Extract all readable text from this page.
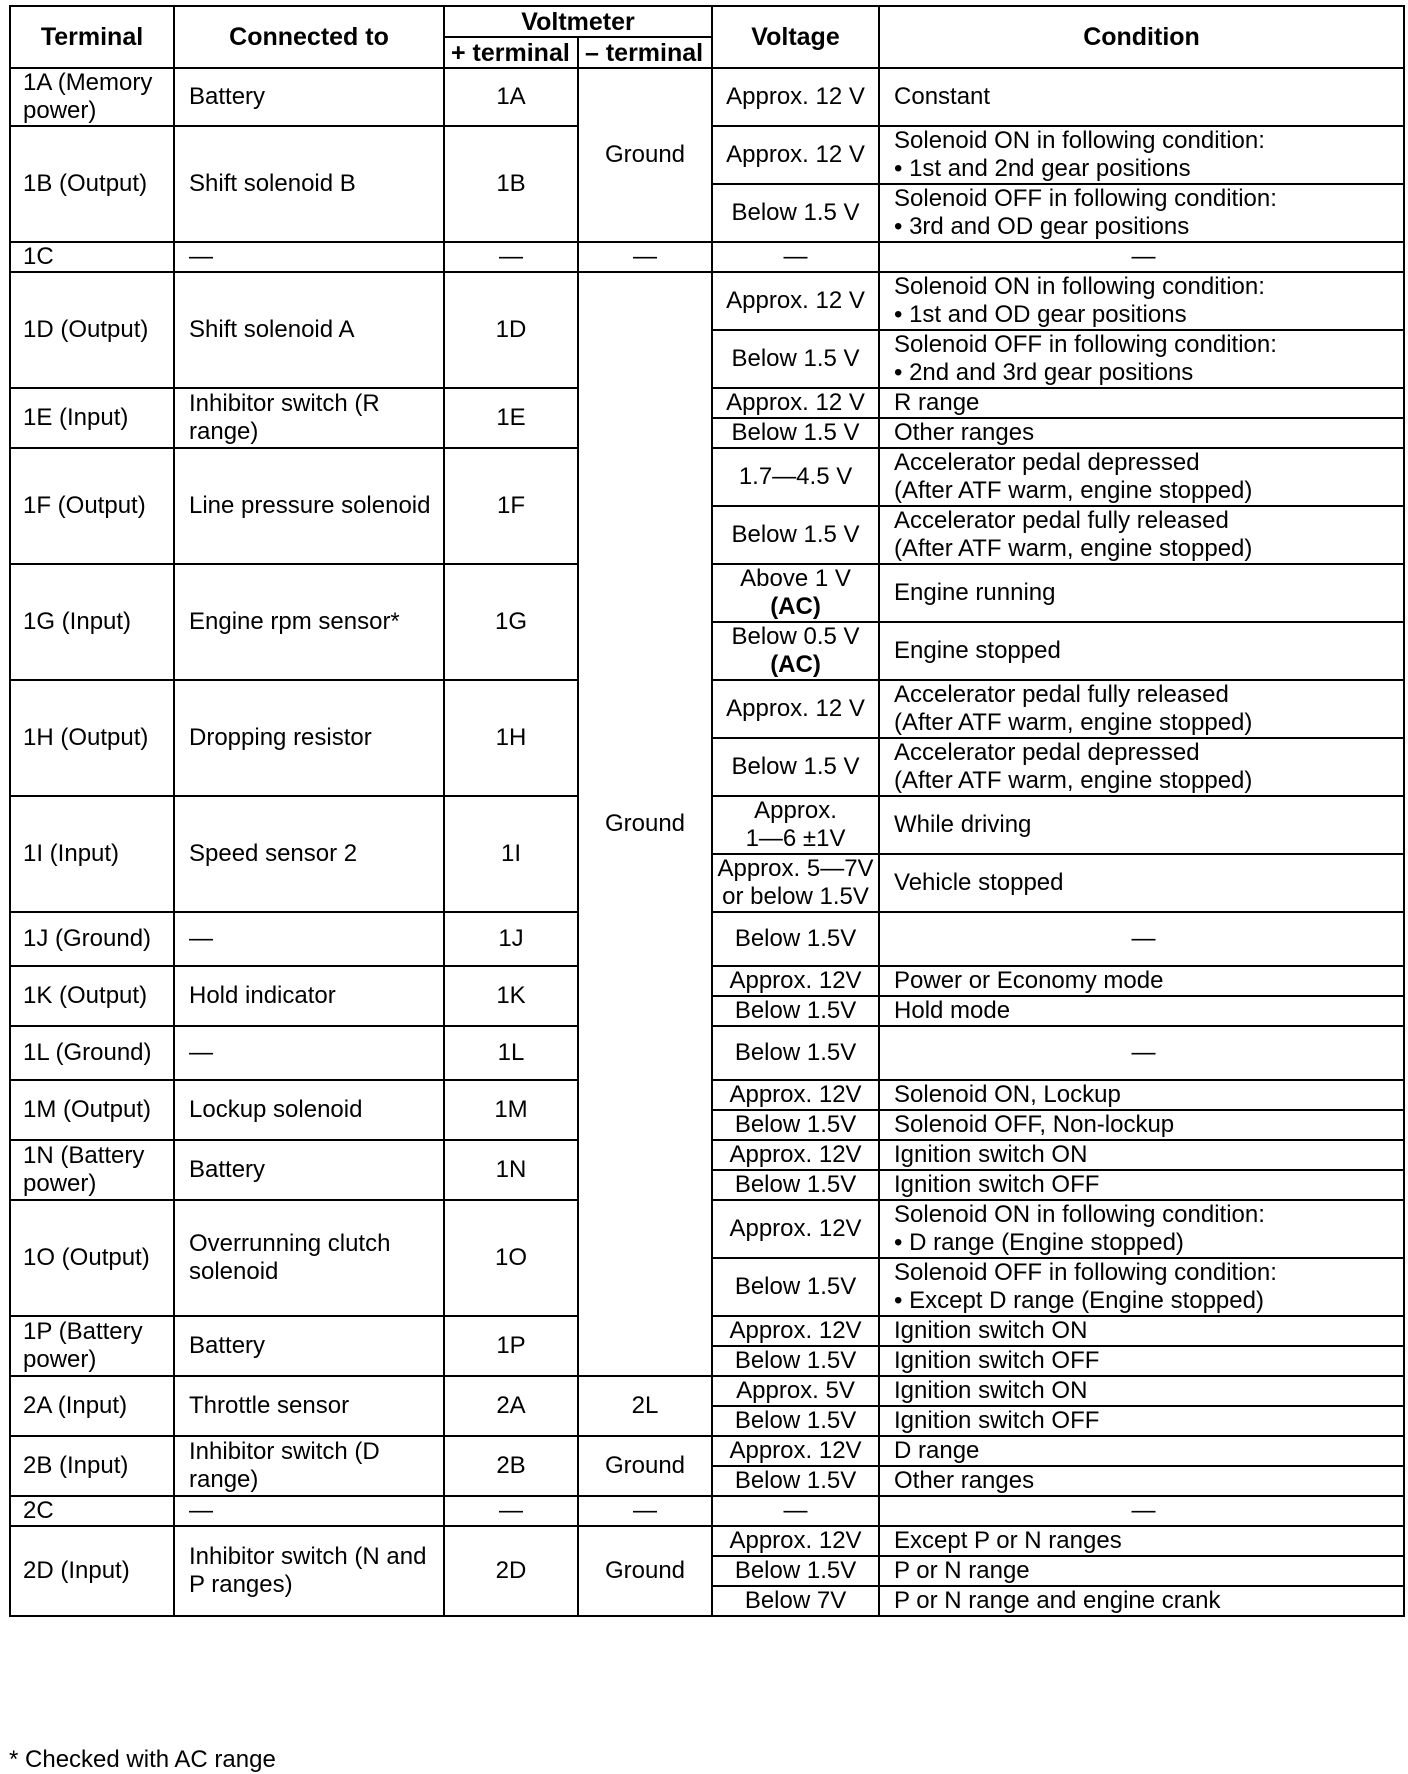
Terminal	Connected to	Voltmeter		Voltage	Condition
		+ terminal	– terminal		
1A (Memory power)	Battery	1A	Ground	Approx. 12 V	Constant

1B (Output)	Shift solenoid B	1B		Approx. 12 V	Solenoid ON in following condition:
• 1st and 2nd gear positions

				Below 1.5 V	Solenoid OFF in following condition:
• 3rd and OD gear positions

1C	—	—	—	—	—

1D (Output)	Shift solenoid A	1D	Ground	Approx. 12 V	Solenoid ON in following condition:
• 1st and OD gear positions

				Below 1.5 V	Solenoid OFF in following condition:
• 2nd and 3rd gear positions

1E (Input)	Inhibitor switch (R range)	1E		Approx. 12 V	R range

				Below 1.5 V	Other ranges

1F (Output)	Line pressure solenoid	1F		1.7—4.5 V	Accelerator pedal depressed
(After ATF warm, engine stopped)

				Below 1.5 V	Accelerator pedal fully released
(After ATF warm, engine stopped)

1G (Input)	Engine rpm sensor*	1G		Above 1 V
(AC)	Engine running

				Below 0.5 V
(AC)	Engine stopped

1H (Output)	Dropping resistor	1H		Approx. 12 V	Accelerator pedal fully released
(After ATF warm, engine stopped)

				Below 1.5 V	Accelerator pedal depressed
(After ATF warm, engine stopped)

1I (Input)	Speed sensor 2	1I		Approx.
1—6 ±1V	While driving

				Approx. 5—7V
or below 1.5V	Vehicle stopped

1J (Ground)	—	1J		Below 1.5V	—

1K (Output)	Hold indicator	1K		Approx. 12V	Power or Economy mode

				Below 1.5V	Hold mode

1L (Ground)	—	1L		Below 1.5V	—

1M (Output)	Lockup solenoid	1M		Approx. 12V	Solenoid ON, Lockup

				Below 1.5V	Solenoid OFF, Non-lockup

1N (Battery power)	Battery	1N		Approx. 12V	Ignition switch ON

				Below 1.5V	Ignition switch OFF

1O (Output)	Overrunning clutch solenoid	1O		Approx. 12V	Solenoid ON in following condition:
• D range (Engine stopped)

				Below 1.5V	Solenoid OFF in following condition:
• Except D range (Engine stopped)

1P (Battery power)	Battery	1P		Approx. 12V	Ignition switch ON

				Below 1.5V	Ignition switch OFF

2A (Input)	Throttle sensor	2A	2L	Approx. 5V	Ignition switch ON

				Below 1.5V	Ignition switch OFF

2B (Input)	Inhibitor switch (D range)	2B	Ground	Approx. 12V	D range

				Below 1.5V	Other ranges

2C	—	—	—	—	—

2D (Input)	Inhibitor switch (N and P ranges)	2D	Ground	Approx. 12V	Except P or N ranges

				Below 1.5V	P or N range

				Below 7V	P or N range and engine crank
* Checked with AC range
